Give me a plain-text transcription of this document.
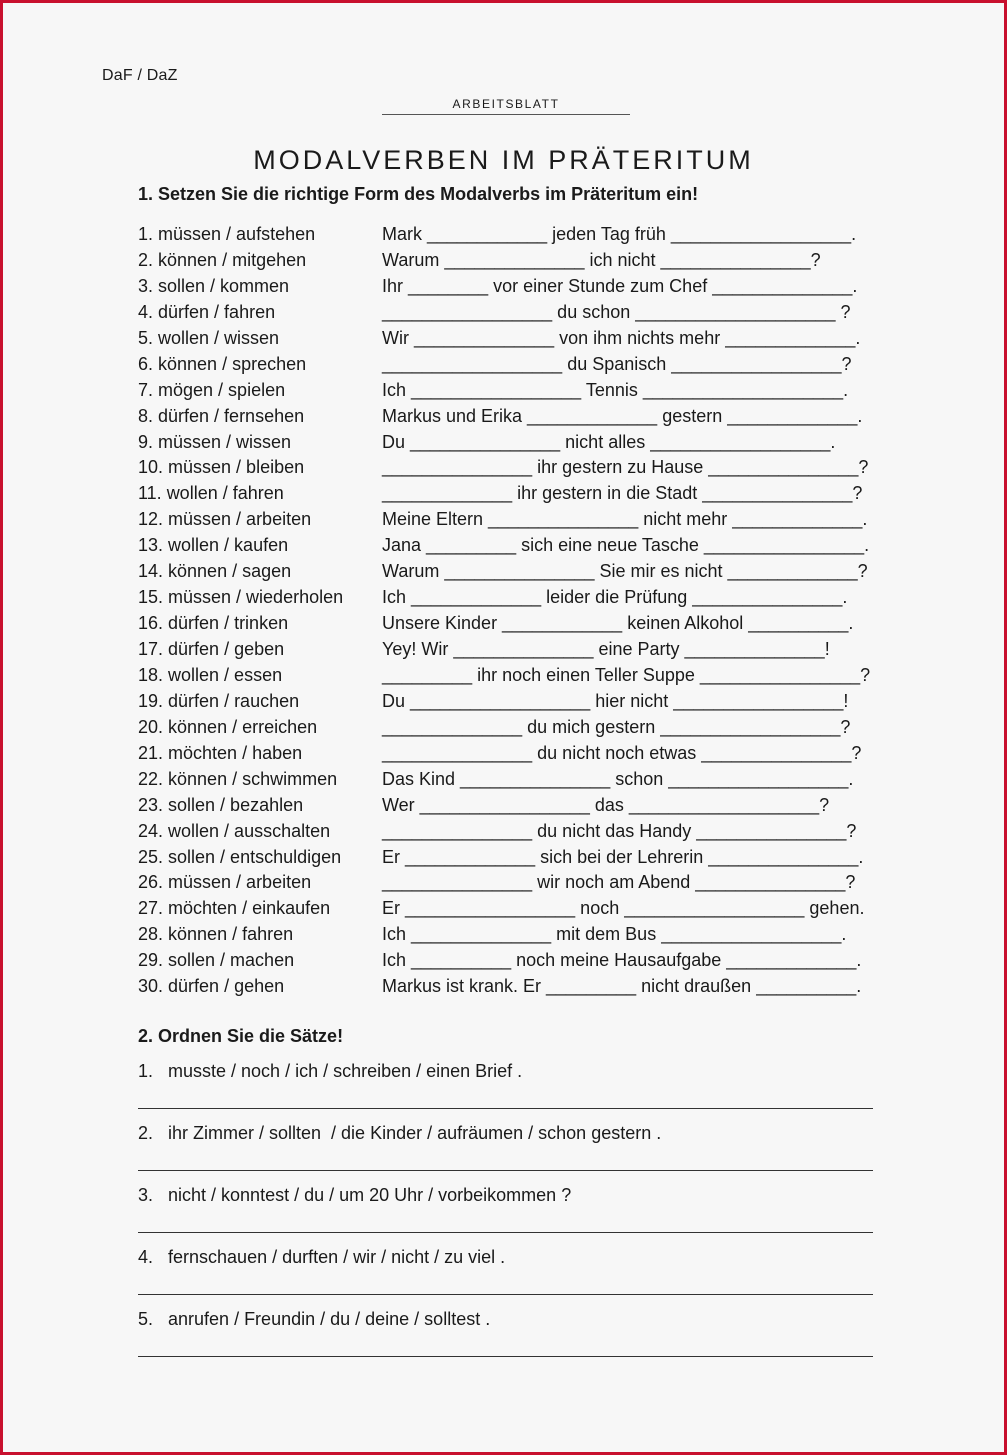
DaF / DaZ
ARBEITSBLATT
MODALVERBEN IM PRÄTERITUM
1. Setzen Sie die richtige Form des Modalverbs im Präteritum ein!
1. müssen / aufstehen	Mark ____________ jeden Tag früh __________________.
2. können / mitgehen	Warum ______________ ich nicht _______________?
3. sollen / kommen	Ihr ________ vor einer Stunde zum Chef ______________.
4. dürfen / fahren	_________________ du schon ____________________ ?
5. wollen / wissen	Wir ______________ von ihm nichts mehr _____________.
6. können / sprechen	__________________ du Spanisch _________________?
7. mögen / spielen	Ich _________________ Tennis ____________________.
8. dürfen / fernsehen	Markus und Erika _____________ gestern _____________.
9. müssen / wissen	Du _______________ nicht alles __________________.
10. müssen / bleiben	_______________ ihr gestern zu Hause _______________?
11. wollen / fahren	_____________ ihr gestern in die Stadt _______________?
12. müssen / arbeiten	Meine Eltern _______________ nicht mehr _____________.
13. wollen / kaufen	Jana _________ sich eine neue Tasche ________________.
14. können / sagen	Warum _______________ Sie mir es nicht _____________?
15. müssen / wiederholen Ich _____________ leider die Prüfung _______________.
16. dürfen / trinken	Unsere Kinder ____________ keinen Alkohol __________.
17. dürfen / geben	Yey! Wir ______________ eine Party ______________!
18. wollen / essen	_________ ihr noch einen Teller Suppe ________________?
19. dürfen / rauchen	Du __________________ hier nicht _________________!
20. können / erreichen	______________ du mich gestern __________________?
21. möchten / haben	_______________ du nicht noch etwas _______________?
22. können / schwimmen Das Kind _______________ schon __________________.
23. sollen / bezahlen	Wer _________________ das ___________________?
24. wollen / ausschalten	_______________ du nicht das Handy _______________?
25. sollen / entschuldigen Er _____________ sich bei der Lehrerin _______________.
26. müssen / arbeiten	_______________ wir noch am Abend _______________?
27. möchten / einkaufen	Er _________________ noch __________________ gehen.
28. können / fahren	Ich ______________ mit dem Bus __________________.
29. sollen / machen	Ich __________ noch meine Hausaufgabe _____________.
30. dürfen / gehen	Markus ist krank. Er _________ nicht draußen __________.
2. Ordnen Sie die Sätze!
1.   musste / noch / ich / schreiben / einen Brief .
2.   ihr Zimmer / sollten  / die Kinder / aufräumen / schon gestern .
3.   nicht / konntest / du / um 20 Uhr / vorbeikommen ?
4.   fernschauen / durften / wir / nicht / zu viel .
5.   anrufen / Freundin / du / deine / solltest .
